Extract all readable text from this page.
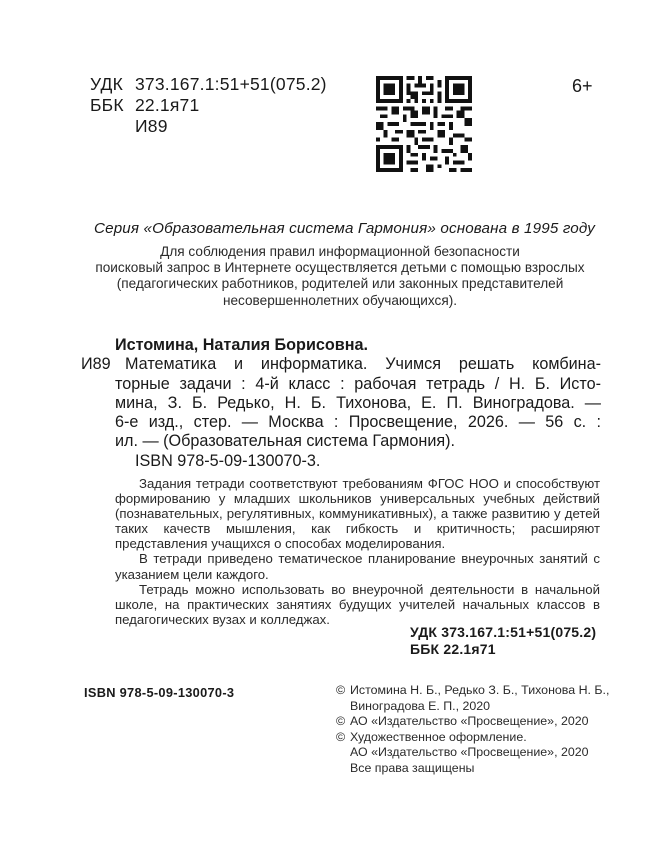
УДК 373.167.1:51+51(075.2)
ББК 22.1я71
И89
6+
Серия «Образовательная система Гармония» основана в 1995 году
Для соблюдения правил информационной безопасности
поисковый запрос в Интернете осуществляется детьми с помощью взрослых
(педагогических работников, родителей или законных представителей
несовершеннолетних обучающихся).
Истомина, Наталия Борисовна.
И89 Математика и информатика. Учимся решать комбина-
торные задачи : 4-й класс : рабочая тетрадь / Н. Б. Исто-
мина, З. Б. Редько, Н. Б. Тихонова, Е. П. Виноградова. —
6-е изд., стер. — Москва : Просвещение, 2026. — 56 с. :
ил. — (Образовательная система Гармония).
ISBN 978-5-09-130070-3.

Задания тетради соответствуют требованиям ФГОС НОО и способствуют формированию у младших школьников универсальных учебных действий (познавательных, регулятивных, коммуникативных), а также развитию у детей таких качеств мышления, как гибкость и критичность; расширяют представления учащихся о способах моделирования.

В тетради приведено тематическое планирование внеурочных занятий с указанием цели каждого.

Тетрадь можно использовать во внеурочной деятельности в начальной школе, на практических занятиях будущих учителей начальных классов в педагогических вузах и колледжах.

УДК 373.167.1:51+51(075.2)
ББК 22.1я71
ISBN 978-5-09-130070-3	© Истомина Н. Б., Редько З. Б., Тихонова Н. Б.,
Виноградова Е. П., 2020
© АО «Издательство «Просвещение», 2020
© Художественное оформление.
АО «Издательство «Просвещение», 2020
Все права защищены
